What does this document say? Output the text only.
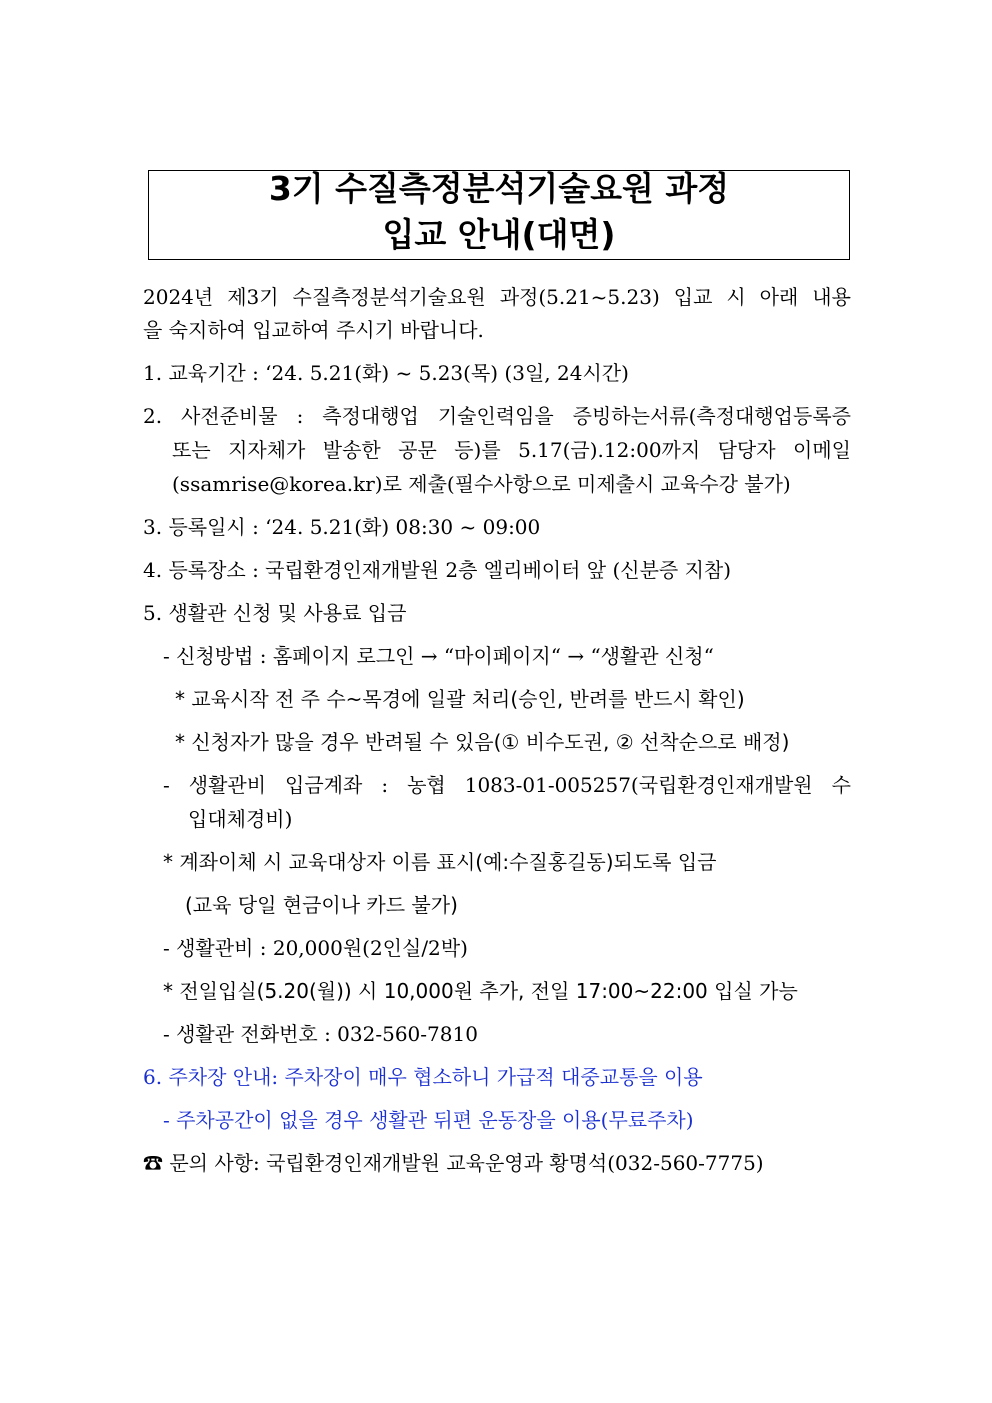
3기 수질측정분석기술요원 과정
입교 안내(대면)
2024년 제3기 수질측정분석기술요원 과정(5.21~5.23) 입교 시 아래 내용
을 숙지하여 입교하여 주시기 바랍니다.
1. 교육기간 : ‘24. 5.21(화) ~ 5.23(목) (3일, 24시간)
2. 사전준비물 : 측정대행업 기술인력임을 증빙하는서류(측정대행업등록증
또는 지자체가 발송한 공문 등)를 5.17(금).12:00까지 담당자 이메일
(ssamrise@korea.kr)로 제출(필수사항으로 미제출시 교육수강 불가)
3. 등록일시 : ‘24. 5.21(화) 08:30 ~ 09:00
4. 등록장소 : 국립환경인재개발원 2층 엘리베이터 앞 (신분증 지참)
5. 생활관 신청 및 사용료 입금
- 신청방법 : 홈페이지 로그인 → “마이페이지“ → “생활관 신청“
* 교육시작 전 주 수~목경에 일괄 처리(승인, 반려를 반드시 확인)
* 신청자가 많을 경우 반려될 수 있음(① 비수도권, ② 선착순으로 배정)
- 생활관비 입금계좌 : 농협 1083-01-005257(국립환경인재개발원 수
입대체경비)
* 계좌이체 시 교육대상자 이름 표시(예:수질홍길동)되도록 입금
(교육 당일 현금이나 카드 불가)
- 생활관비 : 20,000원(2인실/2박)
* 전일입실(5.20(월)) 시 10,000원 추가, 전일 17:00~22:00 입실 가능
- 생활관 전화번호 : 032-560-7810
6. 주차장 안내: 주차장이 매우 협소하니 가급적 대중교통을 이용
- 주차공간이 없을 경우 생활관 뒤편 운동장을 이용(무료주차)
☎ 문의 사항: 국립환경인재개발원 교육운영과 황명석(032-560-7775)
